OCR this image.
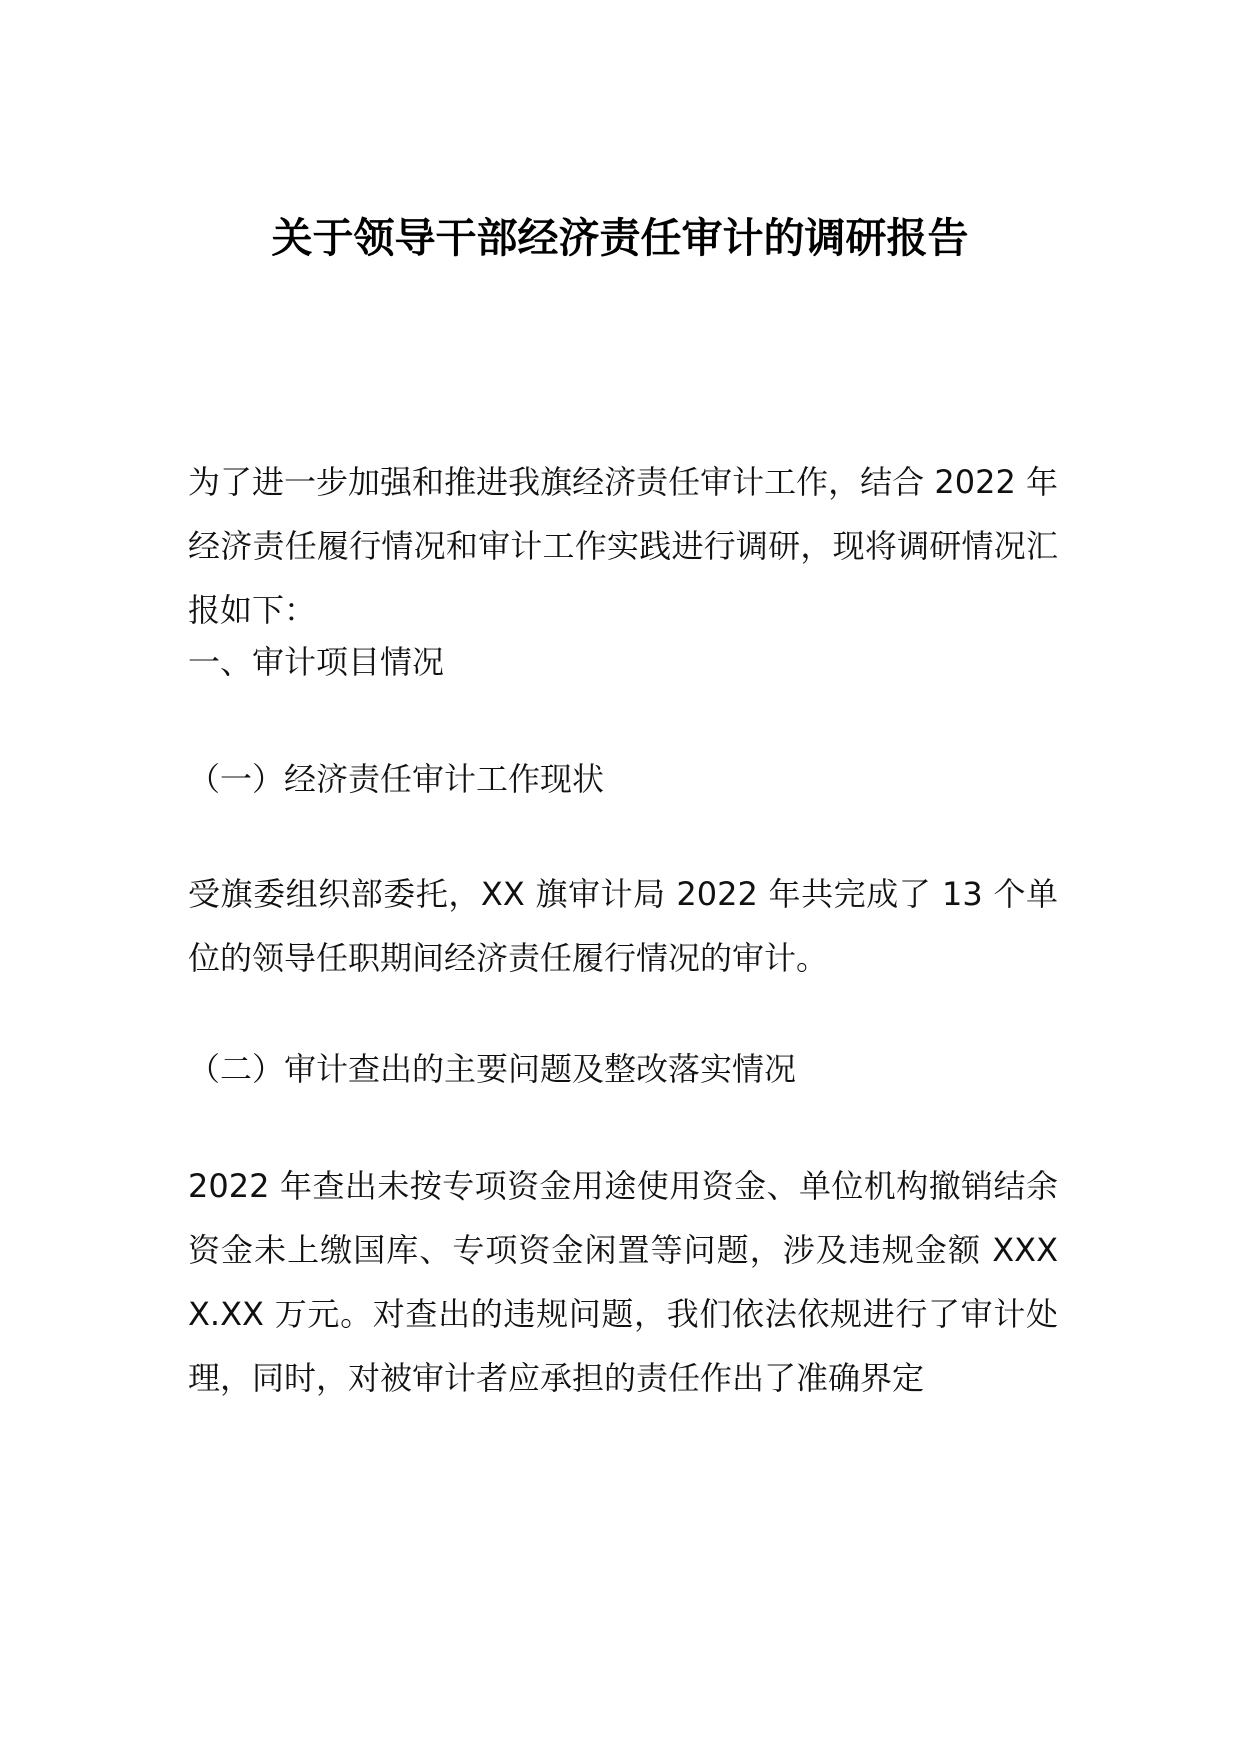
关于领导干部经济责任审计的调研报告

为了进一步加强和推进我旗经济责任审计工作，结合 2022 年经济责任履行情况和审计工作实践进行调研，现将调研情况汇报如下：

一、审计项目情况

（一）经济责任审计工作现状

受旗委组织部委托，XX 旗审计局 2022 年共完成了 13 个单位的领导任职期间经济责任履行情况的审计。

（二）审计查出的主要问题及整改落实情况

2022 年查出未按专项资金用途使用资金、单位机构撤销结余资金未上缴国库、专项资金闲置等问题，涉及违规金额 XXXX.XX 万元。对查出的违规问题，我们依法依规进行了审计处理，同时，对被审计者应承担的责任作出了准确界定
